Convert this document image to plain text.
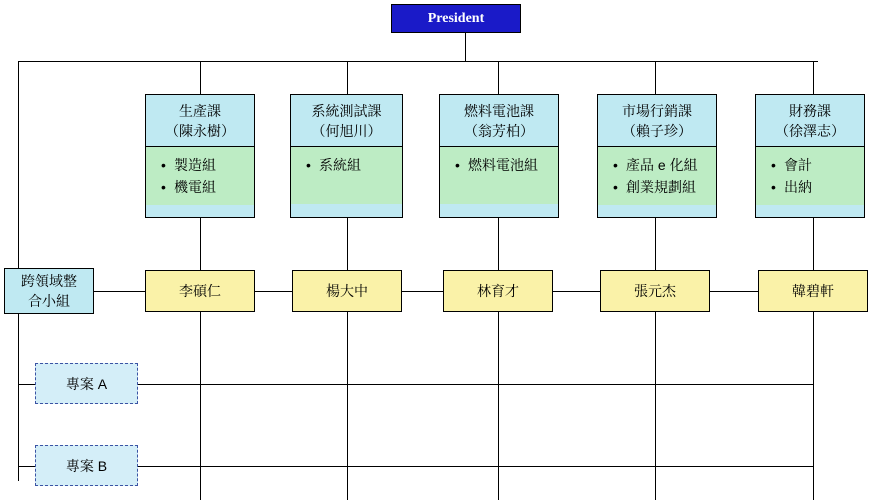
President
生產課
（陳永樹）
• 製造組
• 機電組
系統測試課
（何旭川）
• 系統組
燃料電池課
（翁芳柏）
• 燃料電池組
市場行銷課
（賴子珍）
• 產品 e 化組
• 創業規劃組
財務課
（徐澤志）
• 會計
• 出納
跨領域整
合小組
李碩仁	楊大中	林育才	張元杰	韓碧軒
專案 A
專案 B
